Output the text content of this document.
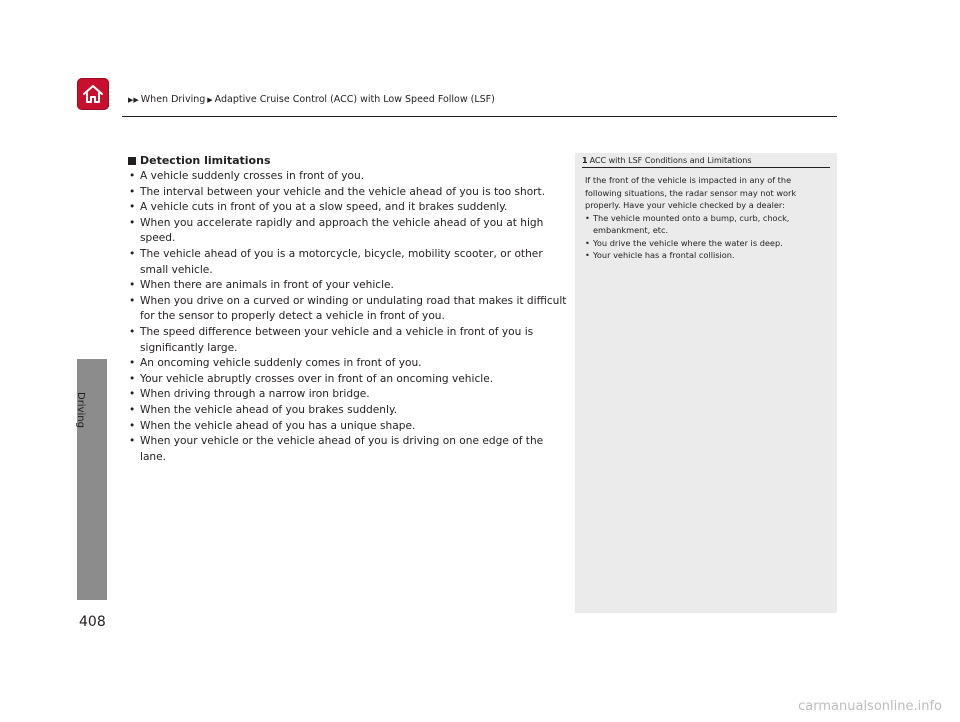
▶▶ When Driving ▶ Adaptive Cruise Control (ACC) with Low Speed Follow (LSF)
Driving
408
Detection limitations
• A vehicle suddenly crosses in front of you.
• The interval between your vehicle and the vehicle ahead of you is too short.
• A vehicle cuts in front of you at a slow speed, and it brakes suddenly.
• When you accelerate rapidly and approach the vehicle ahead of you at high speed.
• The vehicle ahead of you is a motorcycle, bicycle, mobility scooter, or other small vehicle.
• When there are animals in front of your vehicle.
• When you drive on a curved or winding or undulating road that makes it difficult for the sensor to properly detect a vehicle in front of you.
• The speed difference between your vehicle and a vehicle in front of you is significantly large.
• An oncoming vehicle suddenly comes in front of you.
• Your vehicle abruptly crosses over in front of an oncoming vehicle.
• When driving through a narrow iron bridge.
• When the vehicle ahead of you brakes suddenly.
• When the vehicle ahead of you has a unique shape.
• When your vehicle or the vehicle ahead of you is driving on one edge of the lane.
1 ACC with LSF Conditions and Limitations
If the front of the vehicle is impacted in any of the following situations, the radar sensor may not work properly. Have your vehicle checked by a dealer:
• The vehicle mounted onto a bump, curb, chock, embankment, etc.
• You drive the vehicle where the water is deep.
• Your vehicle has a frontal collision.
carmanualsonline.info
